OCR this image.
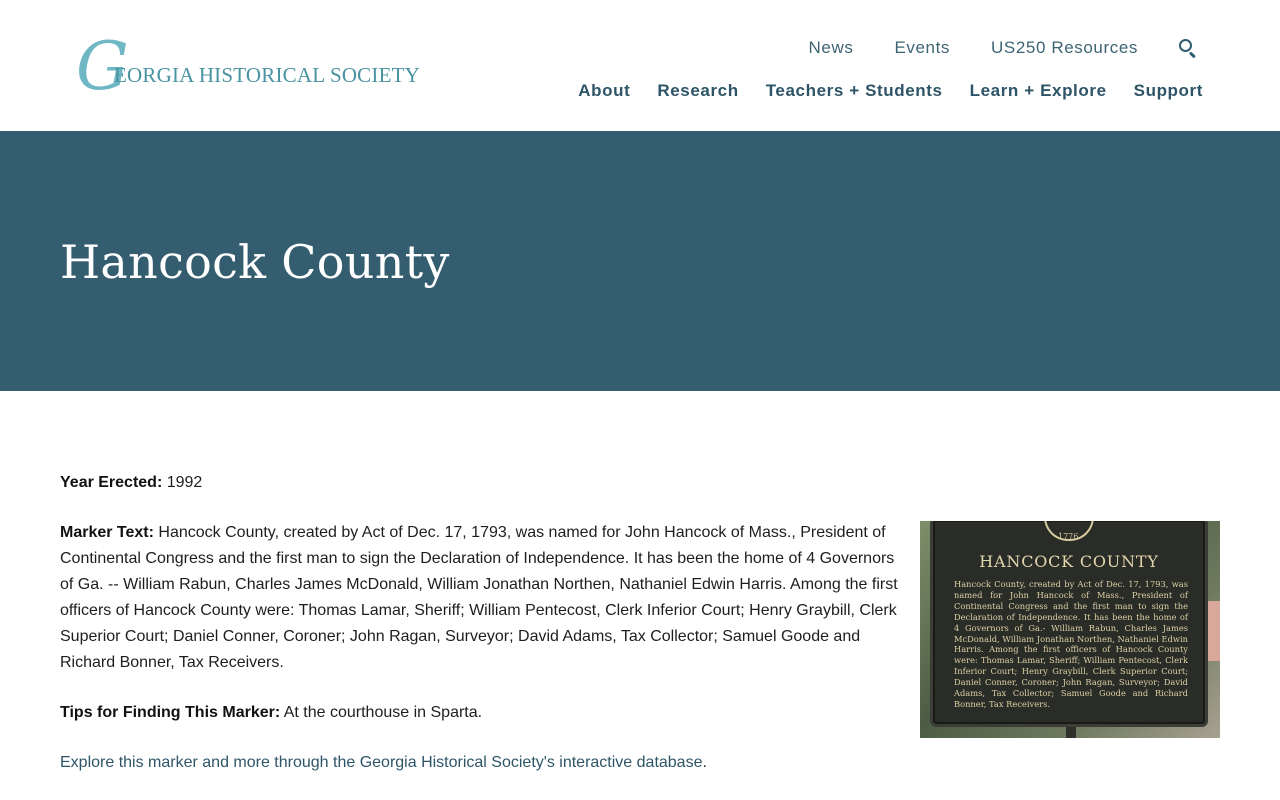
G
EORGIA HISTORICAL SOCIETY
News Events US250 Resources
About Research Teachers + Students Learn + Explore Support
Hancock County

Year Erected: 1992

Marker Text: Hancock County, created by Act of Dec. 17, 1793, was named for John Hancock of Mass., President of Continental Congress and the first man to sign the Declaration of Independence. It has been the home of 4 Governors of Ga. -- William Rabun, Charles James McDonald, William Jonathan Northen, Nathaniel Edwin Harris. Among the first officers of Hancock County were: Thomas Lamar, Sheriff; William Pentecost, Clerk Inferior Court; Henry Graybill, Clerk Superior Court; Daniel Conner, Coroner; John Ragan, Surveyor; David Adams, Tax Collector; Samuel Goode and Richard Bonner, Tax Receivers.

Tips for Finding This Marker: At the courthouse in Sparta.

Explore this marker and more through the Georgia Historical Society's interactive database.

1776
HANCOCK COUNTY
Hancock County, created by Act of Dec. 17, 1793, was named for John Hancock of Mass., President of Continental Congress and the first man to sign the Declaration of Independence. It has been the home of 4 Governors of Ga.- William Rabun, Charles James McDonald, William Jonathan Northen, Nathaniel Edwin Harris. Among the first officers of Hancock County were: Thomas Lamar, Sheriff; William Pentecost, Clerk Inferior Court; Henry Graybill, Clerk Superior Court; Daniel Conner, Coroner; John Ragan, Surveyor; David Adams, Tax Collector; Samuel Goode and Richard Bonner, Tax Receivers.
